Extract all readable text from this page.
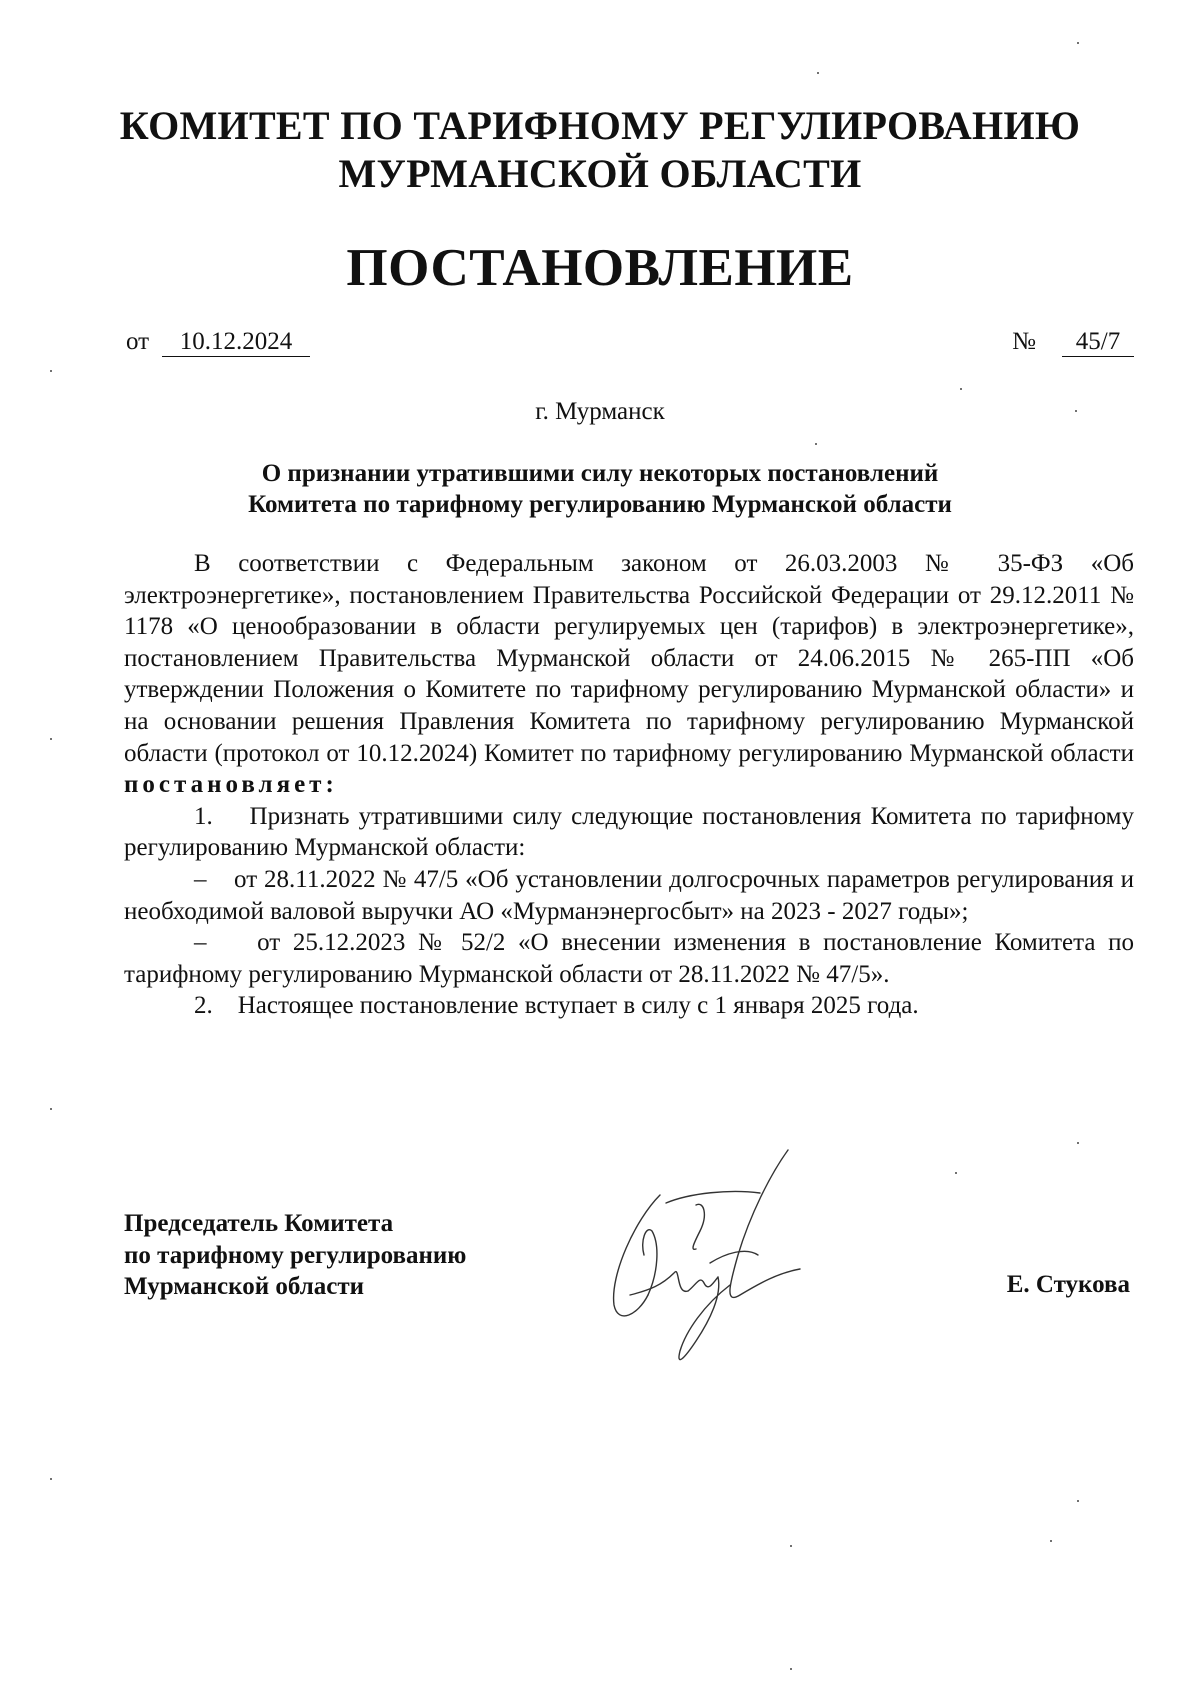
КОМИТЕТ ПО ТАРИФНОМУ РЕГУЛИРОВАНИЮ
МУРМАНСКОЙ ОБЛАСТИ
ПОСТАНОВЛЕНИЕ
от	10.12.2024	№	45/7
г. Мурманск
О признании утратившими силу некоторых постановлений
Комитета по тарифному регулированию Мурманской области

В соответствии с Федеральным законом от 26.03.2003 № 35-ФЗ «Об электроэнергетике», постановлением Правительства Российской Федерации от 29.12.2011 № 1178 «О ценообразовании в области регулируемых цен (тарифов) в электроэнергетике», постановлением Правительства Мурманской области от 24.06.2015 № 265-ПП «Об утверждении Положения о Комитете по тарифному регулированию Мурманской области» и на основании решения Правления Комитета по тарифному регулированию Мурманской области (протокол от 10.12.2024) Комитет по тарифному регулированию Мурманской области постановляет:

1.    Признать утратившими силу следующие постановления Комитета по тарифному регулированию Мурманской области:

–    от 28.11.2022 № 47/5 «Об установлении долгосрочных параметров регулирования и необходимой валовой выручки АО «Мурманэнергосбыт» на 2023 - 2027 годы»;

–    от 25.12.2023 № 52/2 «О внесении изменения в постановление Комитета по тарифному регулированию Мурманской области от 28.11.2022 № 47/5».

2.    Настоящее постановление вступает в силу с 1 января 2025 года.

Председатель Комитета
по тарифному регулированию
Мурманской области	Е. Стукова
